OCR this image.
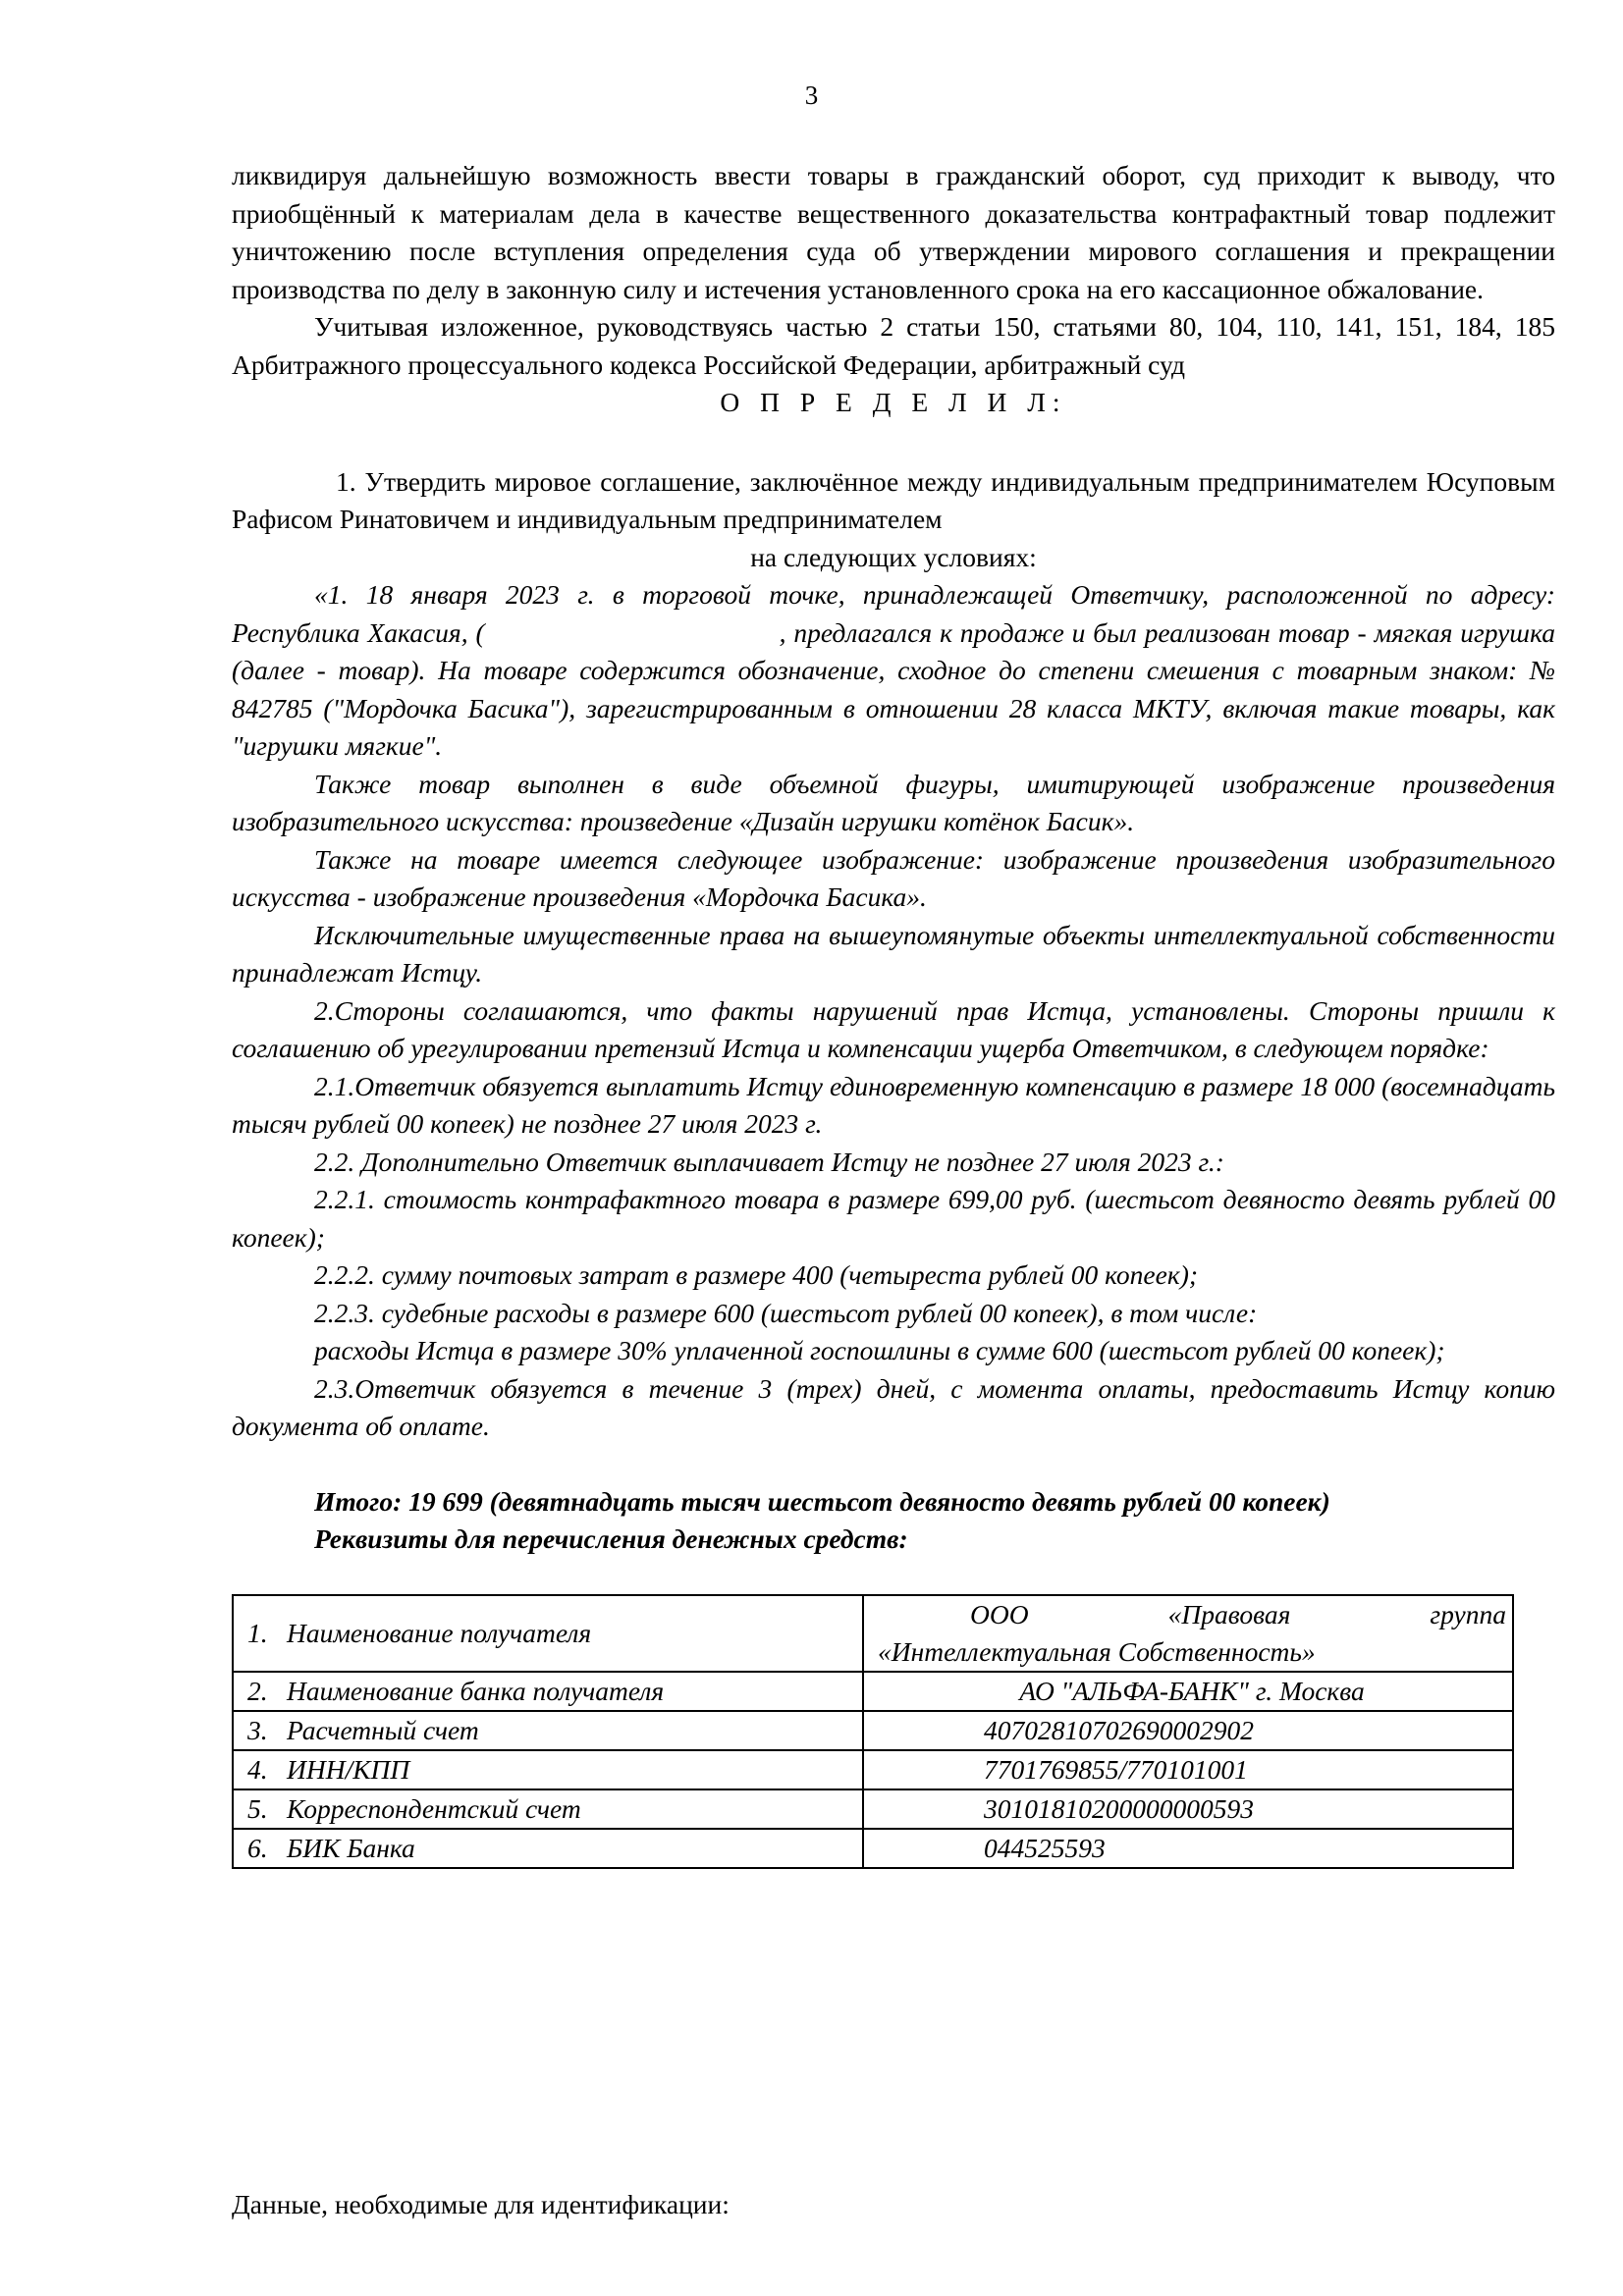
3

ликвидируя дальнейшую возможность ввести товары в гражданский оборот, суд приходит к выводу, что приобщённый к материалам дела в качестве вещественного доказательства контрафактный товар подлежит уничтожению после вступления определения суда об утверждении мирового соглашения и прекращении производства по делу в законную силу и истечения установленного срока на его кассационное обжалование.

Учитывая изложенное, руководствуясь частью 2 статьи 150, статьями 80, 104, 110, 141, 151, 184, 185 Арбитражного процессуального кодекса Российской Федерации, арбитражный суд

О П Р Е Д Е Л И Л:

1. Утвердить мировое соглашение, заключённое между индивидуальным предпринимателем Юсуповым Рафисом Ринатовичем и индивидуальным предпринимателем

на следующих условиях:

«1. 18 января 2023 г. в торговой точке, принадлежащей Ответчику, расположенной по адресу: Республика Хакасия, (	, предлагался к продаже и был реализован товар - мягкая игрушка (далее - товар). На товаре содержится обозначение, сходное до степени смешения с товарным знаком: № 842785 ("Мордочка Басика"), зарегистрированным в отношении 28 класса МКТУ, включая такие товары, как "игрушки мягкие".

Также товар выполнен в виде объемной фигуры, имитирующей изображение произведения изобразительного искусства: произведение «Дизайн игрушки котёнок Басик».

Также на товаре имеется следующее изображение: изображение произведения изобразительного искусства - изображение произведения «Мордочка Басика».

Исключительные имущественные права на вышеупомянутые объекты интеллектуальной собственности принадлежат Истцу.

2.Стороны соглашаются, что факты нарушений прав Истца, установлены. Стороны пришли к соглашению об урегулировании претензий Истца и компенсации ущерба Ответчиком, в следующем порядке:

2.1.Ответчик обязуется выплатить Истцу единовременную компенсацию в размере 18 000 (восемнадцать тысяч рублей 00 копеек) не позднее 27 июля 2023 г.

2.2. Дополнительно Ответчик выплачивает Истцу не позднее 27 июля 2023 г.:

2.2.1. стоимость контрафактного товара в размере 699,00 руб. (шестьсот девяносто девять рублей 00 копеек);

2.2.2. сумму почтовых затрат в размере 400 (четыреста рублей 00 копеек);

2.2.3. судебные расходы в размере 600 (шестьсот рублей 00 копеек), в том числе:

расходы Истца в размере 30% уплаченной госпошлины в сумме 600 (шестьсот рублей 00 копеек);

2.3.Ответчик обязуется в течение 3 (трех) дней, с момента оплаты, предоставить Истцу копию документа об оплате.

Итого: 19 699 (девятнадцать тысяч шестьсот девяносто девять рублей 00 копеек)

Реквизиты для перечисления денежных средств:

1. Наименование получателя	ООО «Правовая группа
«Интеллектуальная Собственность»

2. Наименование банка получателя	АО "АЛЬФА-БАНК" г. Москва

3. Расчетный счет	40702810702690002902
4. ИНН/КПП	7701769855/770101001
5. Корреспондентский счет	30101810200000000593
6. БИК Банка	044525593
Данные, необходимые для идентификации:
